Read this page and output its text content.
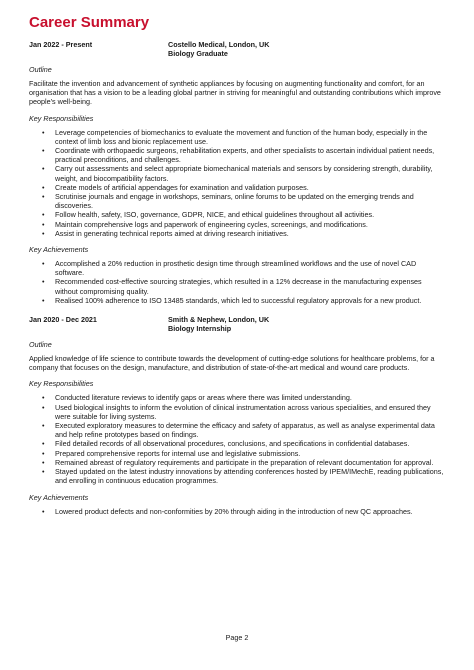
Career Summary
Jan 2022 - Present	Costello Medical, London, UK
Biology Graduate
Outline

Facilitate the invention and advancement of synthetic appliances by focusing on augmenting functionality and comfort, for an organisation that has a vision to be a leading global partner in striving for meaningful and outstanding contributions which improve people’s well-being.

Key Responsibilities
• Leverage competencies of biomechanics to evaluate the movement and function of the human body, especially in the context of limb loss and bionic replacement use.
• Coordinate with orthopaedic surgeons, rehabilitation experts, and other specialists to ascertain individual patient needs, practical preconditions, and challenges.
• Carry out assessments and select appropriate biomechanical materials and sensors by considering strength, durability, weight, and biocompatibility factors.
• Create models of artificial appendages for examination and validation purposes.
• Scrutinise journals and engage in workshops, seminars, online forums to be updated on the emerging trends and discoveries.
• Follow health, safety, ISO, governance, GDPR, NICE, and ethical guidelines throughout all activities.
• Maintain comprehensive logs and paperwork of engineering cycles, screenings, and modifications.
• Assist in generating technical reports aimed at driving research initiatives.
Key Achievements
• Accomplished a 20% reduction in prosthetic design time through streamlined workflows and the use of novel CAD software.
• Recommended cost-effective sourcing strategies, which resulted in a 12% decrease in the manufacturing expenses without compromising quality.
• Realised 100% adherence to ISO 13485 standards, which led to successful regulatory approvals for a new product.
Jan 2020 - Dec 2021	Smith & Nephew, London, UK
Biology Internship
Outline

Applied knowledge of life science to contribute towards the development of cutting-edge solutions for healthcare problems, for a company that focuses on the design, manufacture, and distribution of state-of-the-art medical and wound care products.

Key Responsibilities
• Conducted literature reviews to identify gaps or areas where there was limited understanding.
• Used biological insights to inform the evolution of clinical instrumentation across various specialities, and ensured they were suitable for living systems.
• Executed exploratory measures to determine the efficacy and safety of apparatus, as well as analyse experimental data and help refine prototypes based on findings.
• Filed detailed records of all observational procedures, conclusions, and specifications in confidential databases.
• Prepared comprehensive reports for internal use and legislative submissions.
• Remained abreast of regulatory requirements and participate in the preparation of relevant documentation for approval.
• Stayed updated on the latest industry innovations by attending conferences hosted by IPEM/IMechE, reading publications, and enrolling in continuous education programmes.
Key Achievements
• Lowered product defects and non-conformities by 20% through aiding in the introduction of new QC approaches.
Page 2
